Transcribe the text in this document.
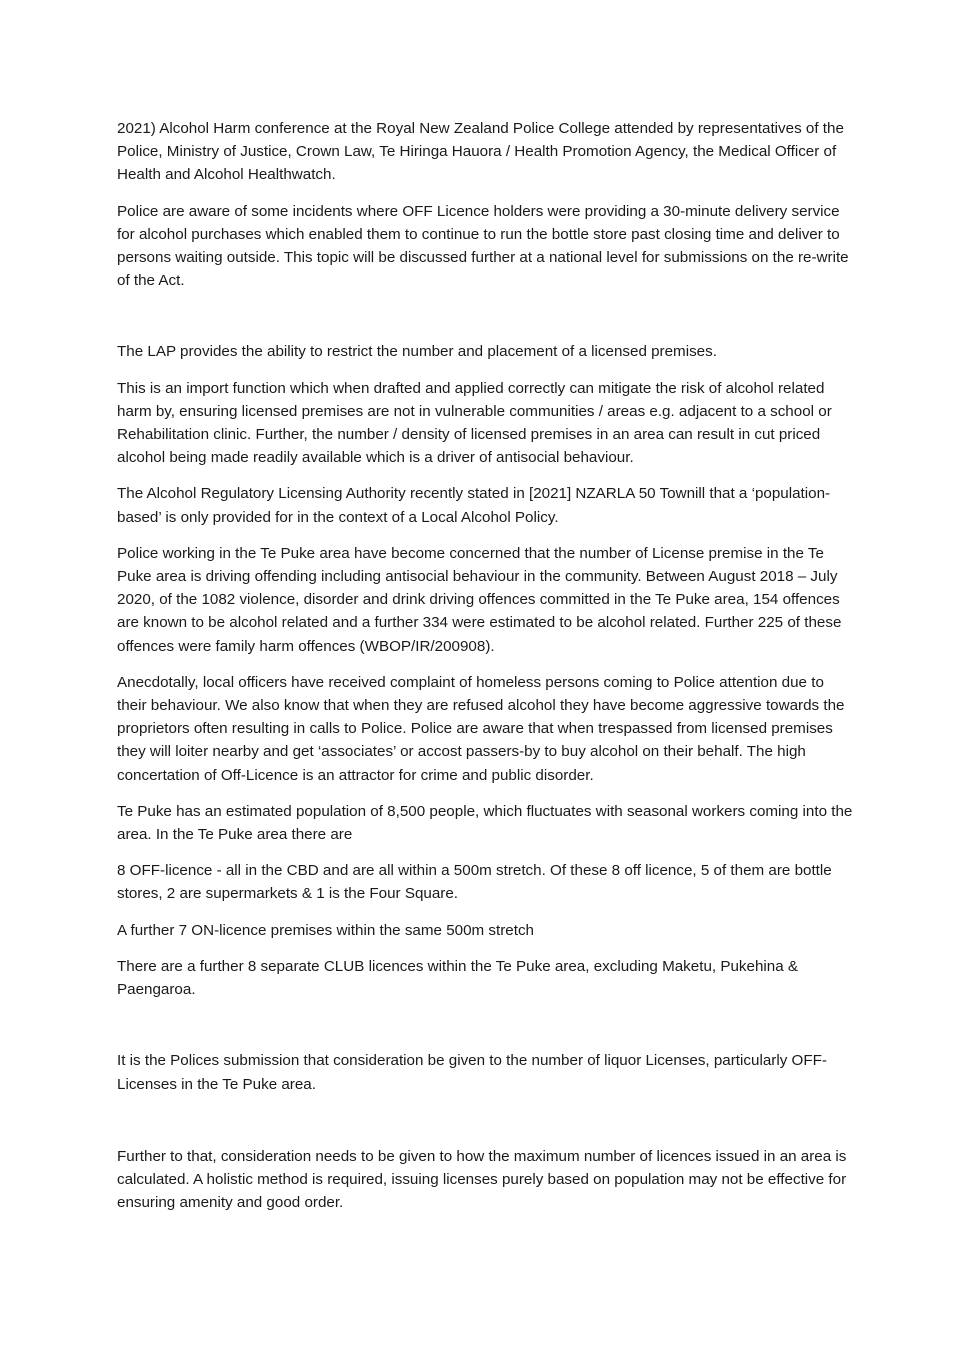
2021) Alcohol Harm conference at the Royal New Zealand Police College attended by representatives of the Police, Ministry of Justice, Crown Law, Te Hiringa Hauora / Health Promotion Agency, the Medical Officer of Health and Alcohol Healthwatch.

Police are aware of some incidents where OFF Licence holders were providing a 30-minute delivery service for alcohol purchases which enabled them to continue to run the bottle store past closing time and deliver to persons waiting outside. This topic will be discussed further at a national level for submissions on the re-write of the Act.

The LAP provides the ability to restrict the number and placement of a licensed premises.

This is an import function which when drafted and applied correctly can mitigate the risk of alcohol related harm by, ensuring licensed premises are not in vulnerable communities / areas e.g. adjacent to a school or Rehabilitation clinic. Further, the number / density of licensed premises in an area can result in cut priced alcohol being made readily available which is a driver of antisocial behaviour.

The Alcohol Regulatory Licensing Authority recently stated in [2021] NZARLA 50 Townill that a ‘population-based’ is only provided for in the context of a Local Alcohol Policy.

Police working in the Te Puke area have become concerned that the number of License premise in the Te Puke area is driving offending including antisocial behaviour in the community. Between August 2018 – July 2020, of the 1082 violence, disorder and drink driving offences committed in the Te Puke area, 154 offences are known to be alcohol related and a further 334 were estimated to be alcohol related. Further 225 of these offences were family harm offences (WBOP/IR/200908).

Anecdotally, local officers have received complaint of homeless persons coming to Police attention due to their behaviour. We also know that when they are refused alcohol they have become aggressive towards the proprietors often resulting in calls to Police. Police are aware that when trespassed from licensed premises they will loiter nearby and get ‘associates’ or accost passers-by to buy alcohol on their behalf. The high concertation of Off-Licence is an attractor for crime and public disorder.

Te Puke has an estimated population of 8,500 people, which fluctuates with seasonal workers coming into the area. In the Te Puke area there are

8 OFF-licence - all in the CBD and are all within a 500m stretch. Of these 8 off licence, 5 of them are bottle stores, 2 are supermarkets & 1 is the Four Square.

A further 7 ON-licence premises within the same 500m stretch

There are a further 8 separate CLUB licences within the Te Puke area, excluding Maketu, Pukehina & Paengaroa.

It is the Polices submission that consideration be given to the number of liquor Licenses, particularly OFF-Licenses in the Te Puke area.

Further to that, consideration needs to be given to how the maximum number of licences issued in an area is calculated. A holistic method is required, issuing licenses purely based on population may not be effective for ensuring amenity and good order.
